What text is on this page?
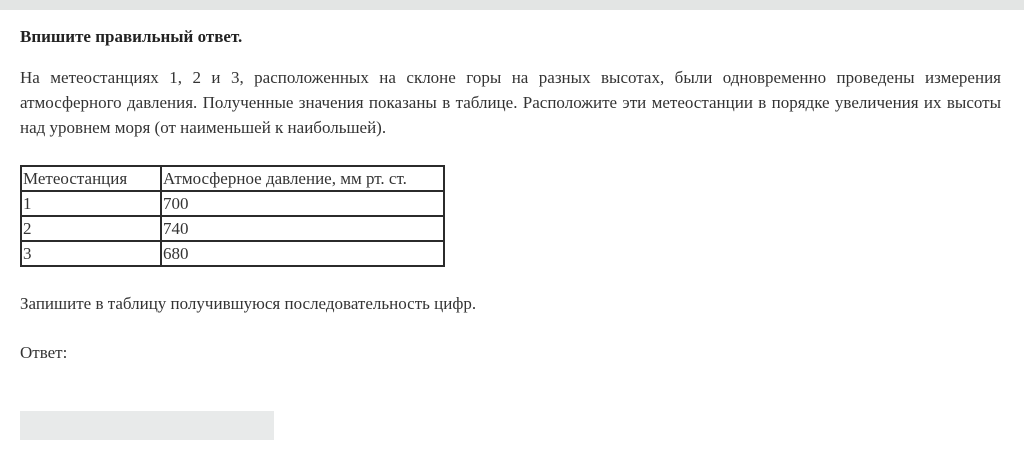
Впишите правильный ответ.

На метеостанциях 1, 2 и 3, расположенных на склоне горы на разных высотах, были одновременно проведены измерения атмосферного давления. Полученные значения показаны в таблице. Расположите эти метеостанции в порядке увеличения их высоты над уровнем моря (от наименьшей к наибольшей).

Метеостанция	Атмосферное давление, мм рт. ст.
1	700
2	740
3	680

Запишите в таблицу получившуюся последовательность цифр.

Ответ:
